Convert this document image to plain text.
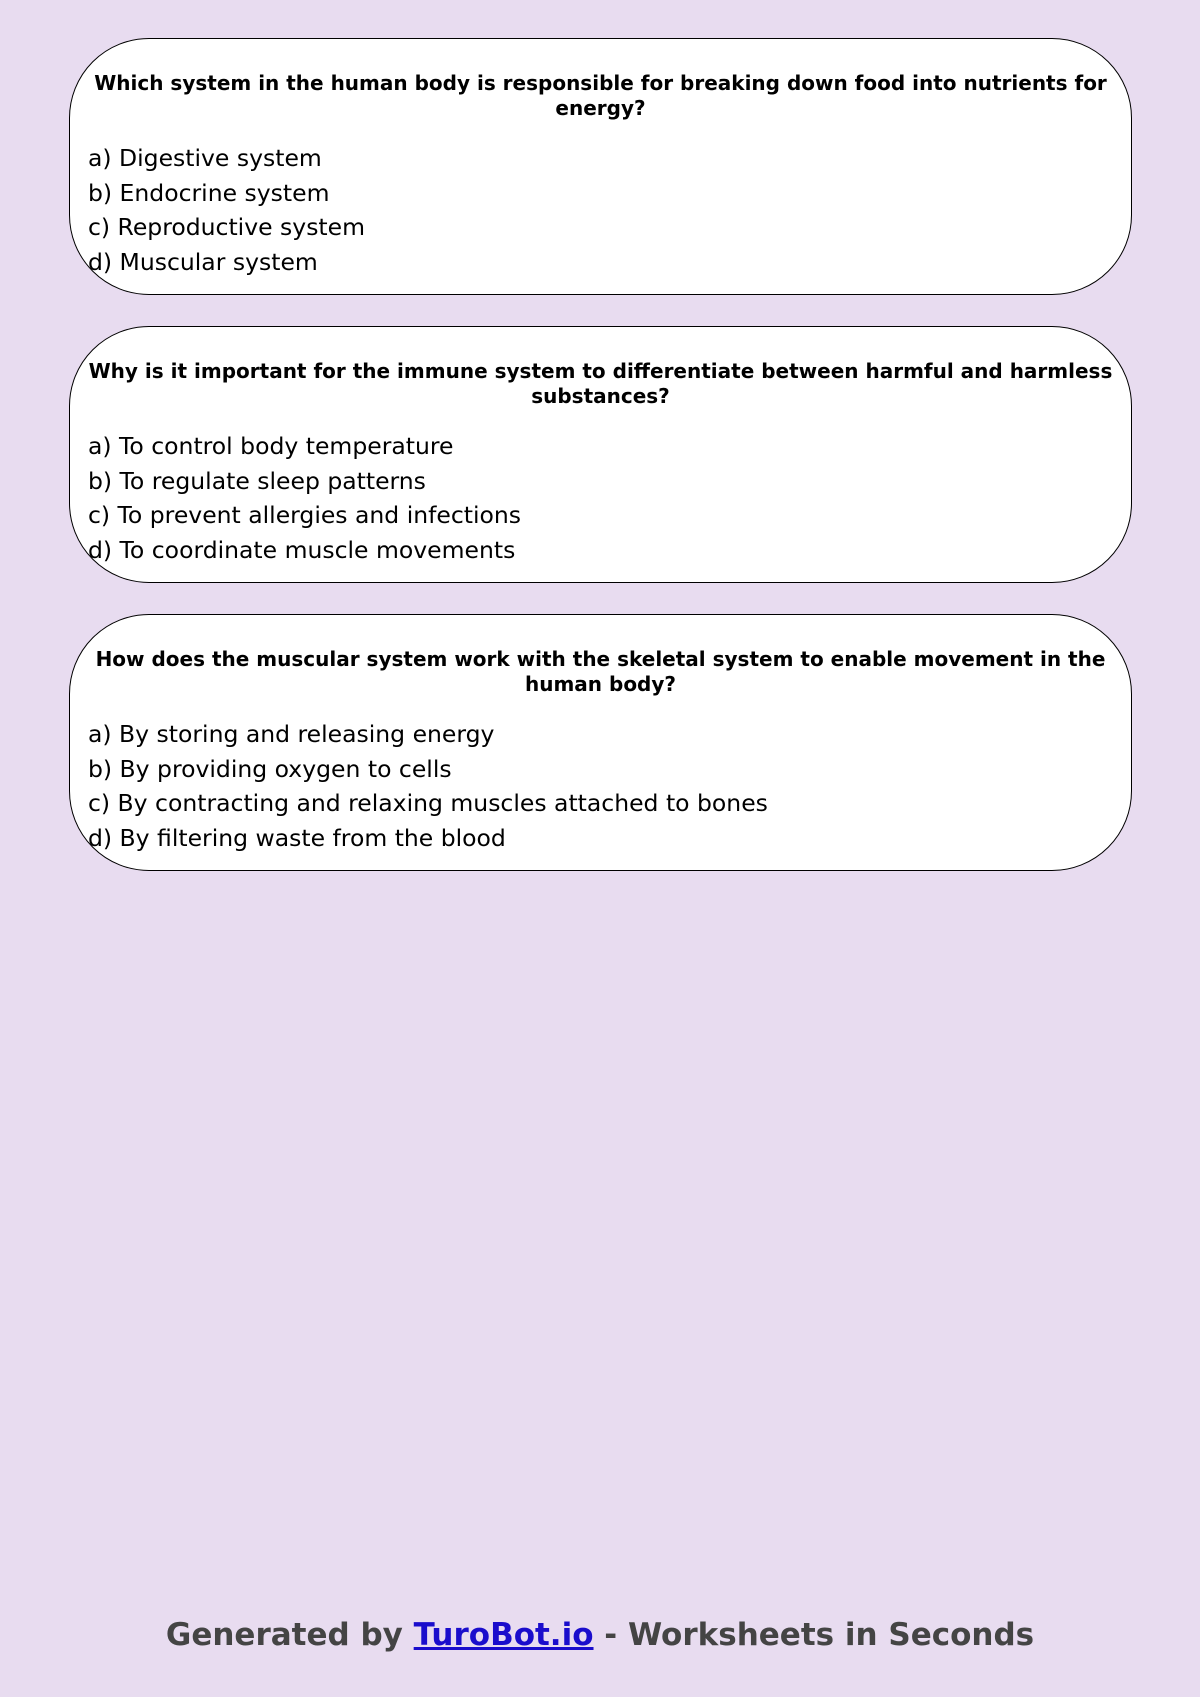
Which system in the human body is responsible for breaking down food into nutrients for energy?
a) Digestive system
b) Endocrine system
c) Reproductive system
d) Muscular system
Why is it important for the immune system to differentiate between harmful and harmless substances?
a) To control body temperature
b) To regulate sleep patterns
c) To prevent allergies and infections
d) To coordinate muscle movements
How does the muscular system work with the skeletal system to enable movement in the human body?
a) By storing and releasing energy
b) By providing oxygen to cells
c) By contracting and relaxing muscles attached to bones
d) By filtering waste from the blood
Generated by TuroBot.io - Worksheets in Seconds
